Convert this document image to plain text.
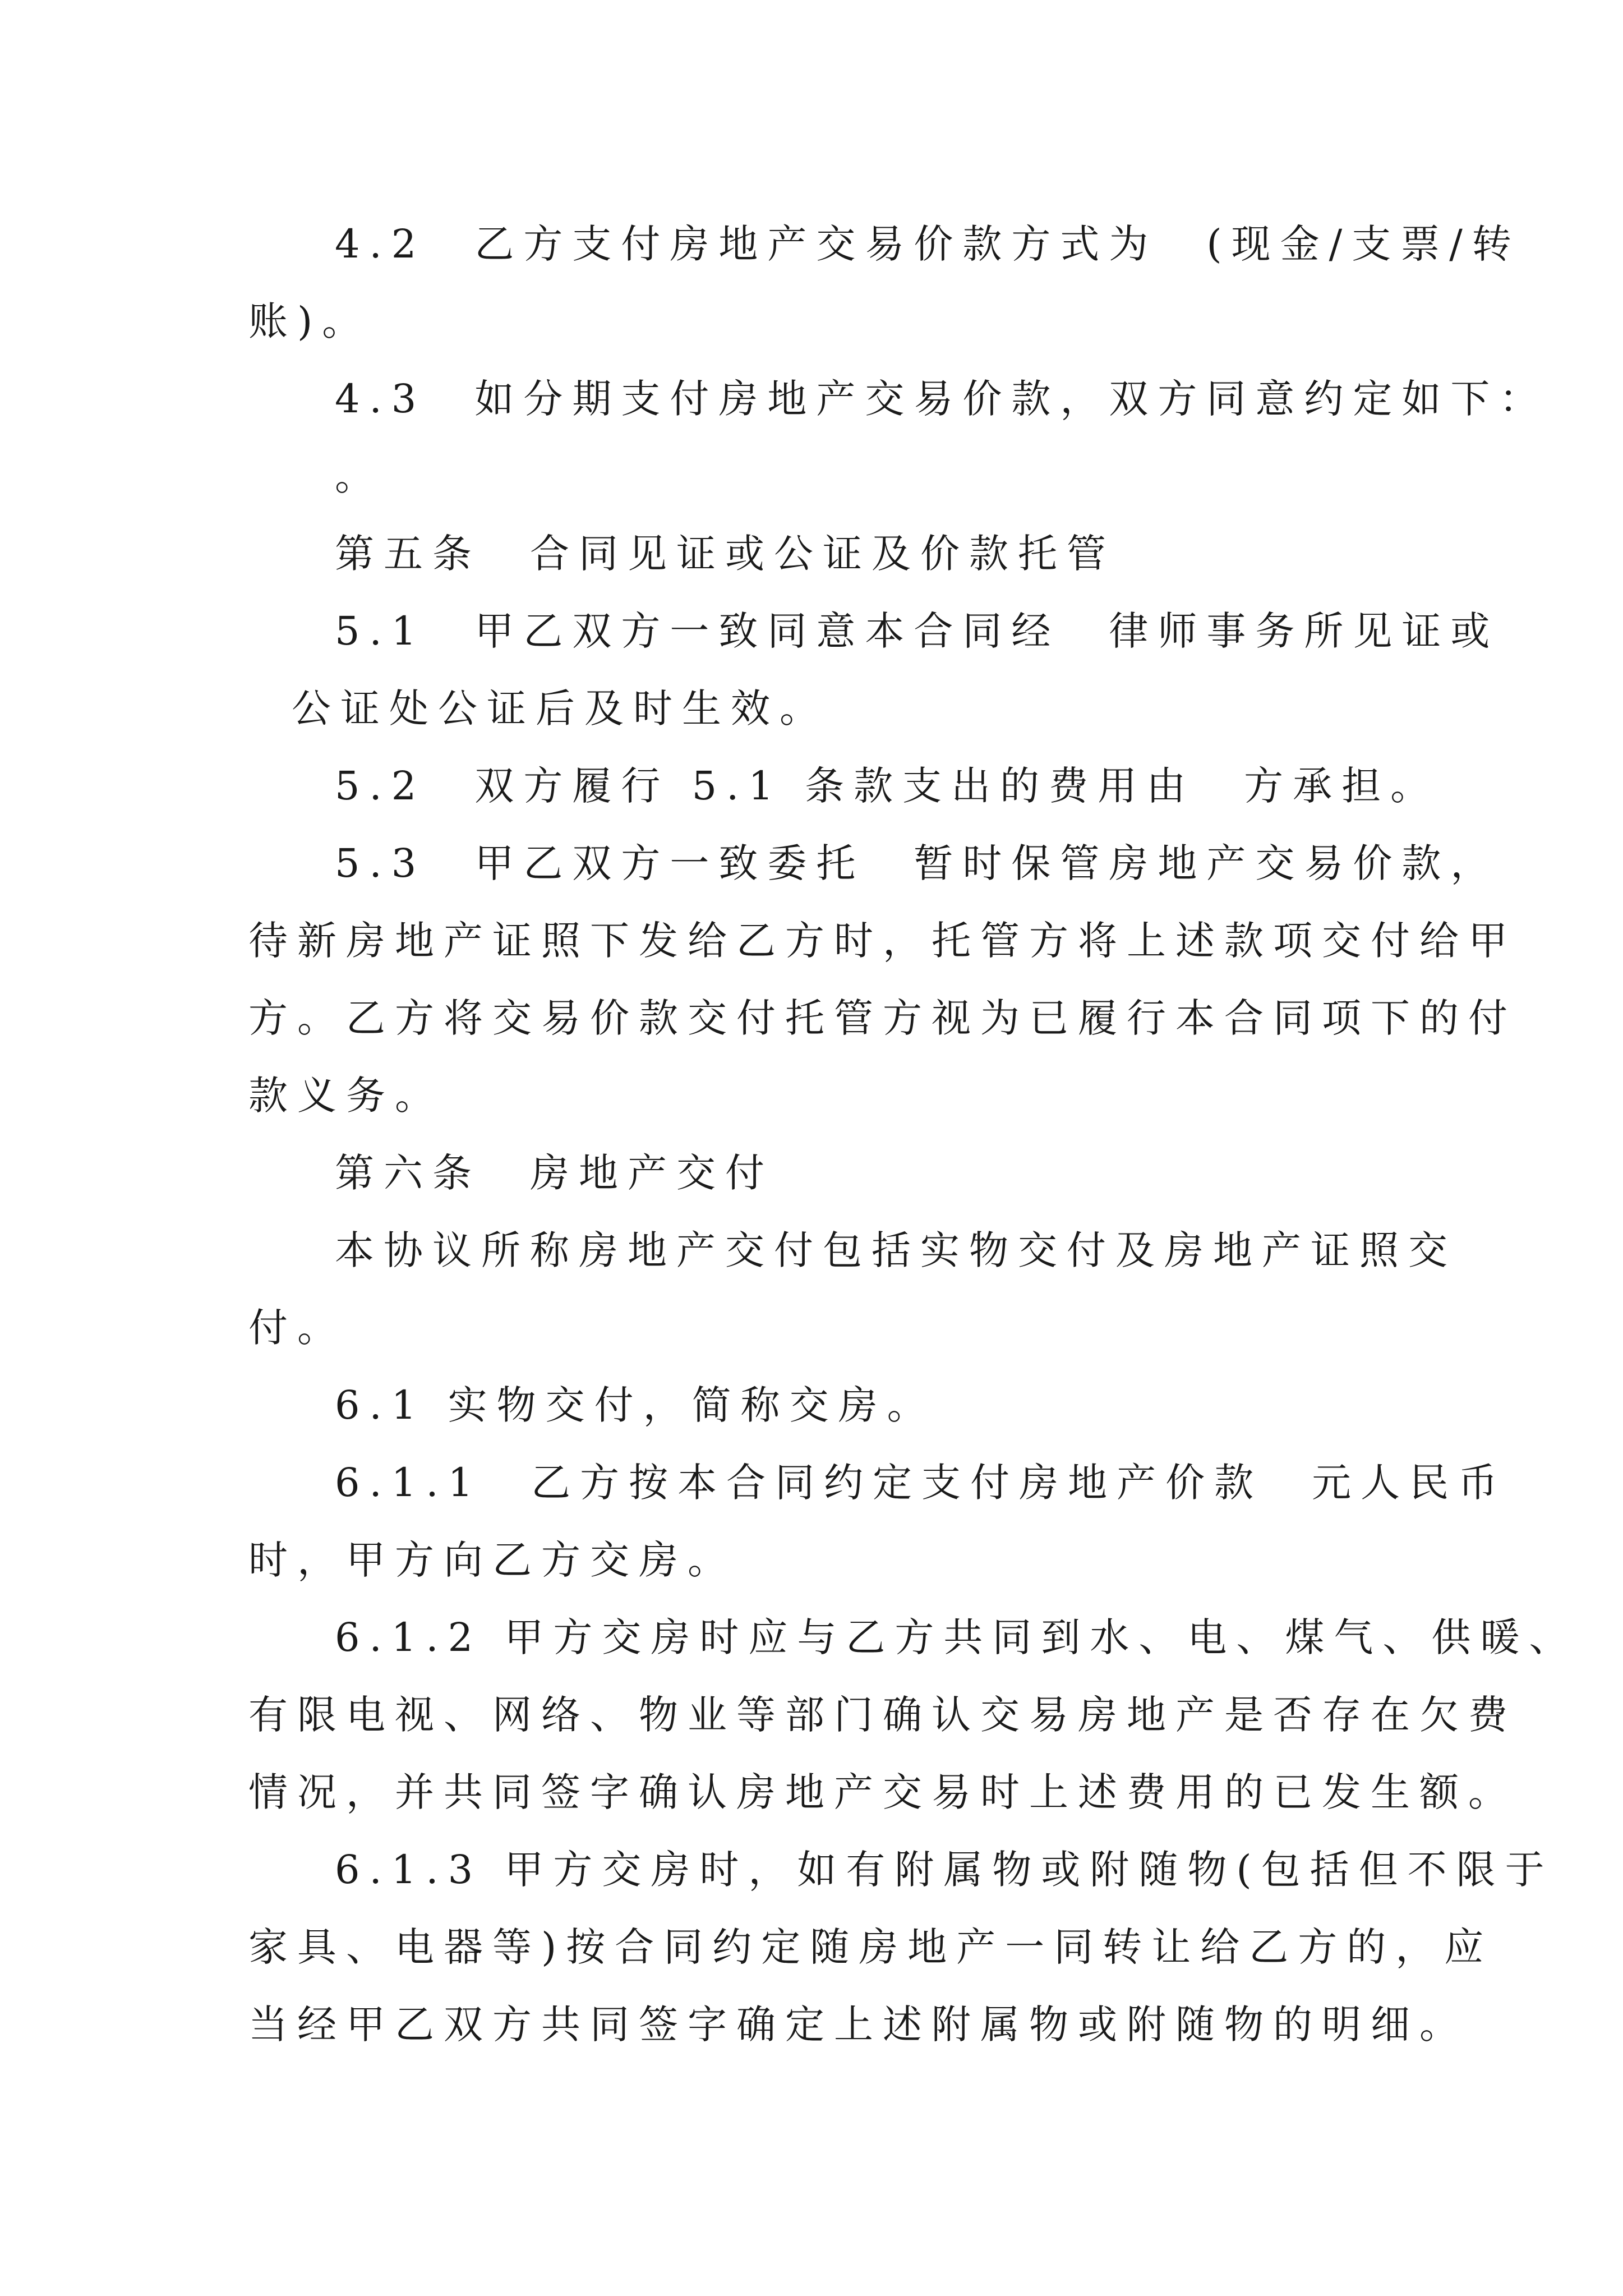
4.2　乙方支付房地产交易价款方式为　(现金/支票/转
账)。
4.3　如分期支付房地产交易价款，双方同意约定如下：
。
第五条　合同见证或公证及价款托管
5.1　甲乙双方一致同意本合同经　律师事务所见证或
公证处公证后及时生效。
5.2　双方履行 5.1 条款支出的费用由　方承担。
5.3　甲乙双方一致委托　暂时保管房地产交易价款，
待新房地产证照下发给乙方时，托管方将上述款项交付给甲
方。乙方将交易价款交付托管方视为已履行本合同项下的付
款义务。
第六条　房地产交付
本协议所称房地产交付包括实物交付及房地产证照交
付。
6.1 实物交付，简称交房。
6.1.1　乙方按本合同约定支付房地产价款　元人民币
时，甲方向乙方交房。
6.1.2 甲方交房时应与乙方共同到水、电、煤气、供暖、
有限电视、网络、物业等部门确认交易房地产是否存在欠费
情况，并共同签字确认房地产交易时上述费用的已发生额。
6.1.3 甲方交房时，如有附属物或附随物(包括但不限于
家具、电器等)按合同约定随房地产一同转让给乙方的，应
当经甲乙双方共同签字确定上述附属物或附随物的明细。
